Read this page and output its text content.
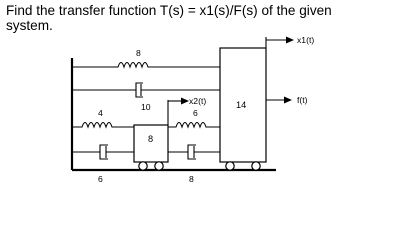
Find the transfer function T(s) = x1(s)/F(s) of the given
system.
14
8
10
8
4	6
6	8
x1(t)
x2(t)	f(t)
